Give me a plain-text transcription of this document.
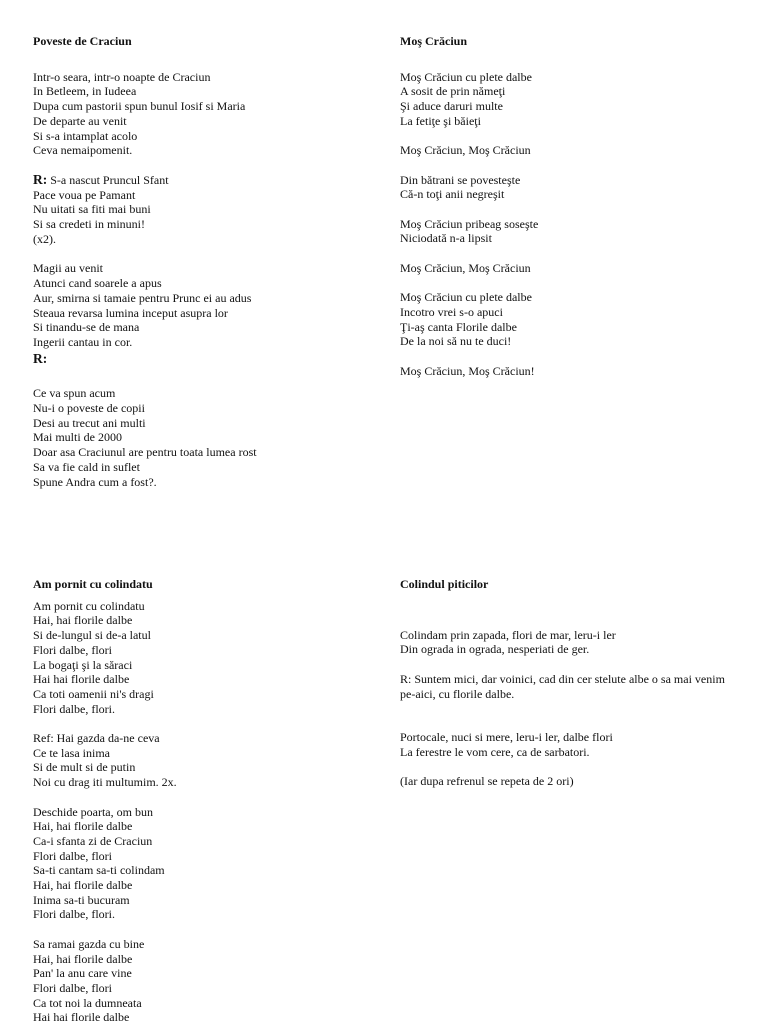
Poveste de Craciun

Intr-o seara, intr-o noapte de Craciun
In Betleem, in Iudeea
Dupa cum pastorii spun bunul Iosif si Maria
De departe au venit
Si s-a intamplat acolo
Ceva nemaipomenit.
R: S-a nascut Pruncul Sfant
Pace voua pe Pamant
Nu uitati sa fiti mai buni
Si sa credeti in minuni!
(x2).
Magii au venit
Atunci cand soarele a apus
Aur, smirna si tamaie pentru Prunc ei au adus
Steaua revarsa lumina inceput asupra lor
Si tinandu-se de mana
Ingerii cantau in cor.
R:
Ce va spun acum
Nu-i o poveste de copii
Desi au trecut ani multi
Mai multi de 2000
Doar asa Craciunul are pentru toata lumea rost
Sa va fie cald in suflet
Spune Andra cum a fost?.

Moş Crăciun

Moş Crăciun cu plete dalbe
A sosit de prin nămeţi
Şi aduce daruri multe
La fetiţe şi băieţi
Moş Crăciun, Moş Crăciun
Din bătrani se povesteşte
Că-n toţi anii negreşit
Moş Crăciun pribeag soseşte
Niciodată n-a lipsit
Moş Crăciun, Moş Crăciun
Moş Crăciun cu plete dalbe
Incotro vrei s-o apuci
Ţi-aş canta Florile dalbe
De la noi să nu te duci!
Moş Crăciun, Moş Crăciun!

Am pornit cu colindatu

Am pornit cu colindatu
Hai, hai florile dalbe
Si de-lungul si de-a latul
Flori dalbe, flori
La bogaţi şi la săraci
Hai hai florile dalbe
Ca toti oamenii ni's dragi
Flori dalbe, flori.
Ref: Hai gazda da-ne ceva
Ce te lasa inima
Si de mult si de putin
Noi cu drag iti multumim. 2x.
Deschide poarta, om bun
Hai, hai florile dalbe
Ca-i sfanta zi de Craciun
Flori dalbe, flori
Sa-ti cantam sa-ti colindam
Hai, hai florile dalbe
Inima sa-ti bucuram
Flori dalbe, flori.
Sa ramai gazda cu bine
Hai, hai florile dalbe
Pan' la anu care vine
Flori dalbe, flori
Ca tot noi la dumneata
Hai hai florile dalbe

Colindul piticilor

Colindam prin zapada, flori de mar, leru-i ler
Din ograda in ograda, nesperiati de ger.
R: Suntem mici, dar voinici, cad din cer stelute albe o sa mai venim pe-aici, cu florile dalbe.
Portocale, nuci si mere, leru-i ler, dalbe flori
La ferestre le vom cere, ca de sarbatori.
(Iar dupa refrenul se repeta de 2 ori)
